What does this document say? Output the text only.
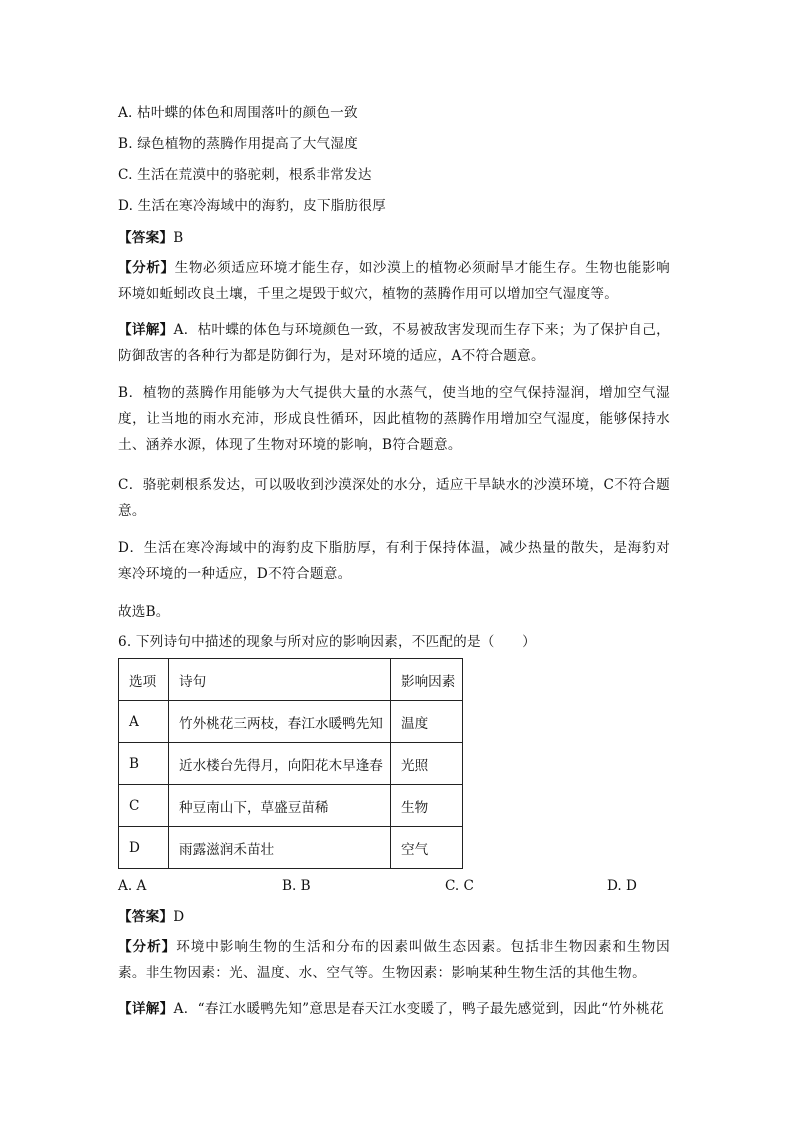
A. 枯叶蝶的体色和周围落叶的颜色一致
B. 绿色植物的蒸腾作用提高了大气湿度
C. 生活在荒漠中的骆驼刺，根系非常发达
D. 生活在寒冷海域中的海豹，皮下脂肪很厚
【答案】B
【分析】生物必须适应环境才能生存，如沙漠上的植物必须耐旱才能生存。生物也能影响环境如蚯蚓改良土壤，千里之堤毁于蚁穴，植物的蒸腾作用可以增加空气湿度等。
【详解】A．枯叶蝶的体色与环境颜色一致，不易被敌害发现而生存下来；为了保护自己，防御敌害的各种行为都是防御行为，是对环境的适应，A不符合题意。
B．植物的蒸腾作用能够为大气提供大量的水蒸气，使当地的空气保持湿润，增加空气湿度，让当地的雨水充沛，形成良性循环，因此植物的蒸腾作用增加空气湿度，能够保持水土、涵养水源，体现了生物对环境的影响，B符合题意。
C．骆驼刺根系发达，可以吸收到沙漠深处的水分，适应干旱缺水的沙漠环境，C不符合题意。
D．生活在寒冷海域中的海豹皮下脂肪厚，有利于保持体温，减少热量的散失，是海豹对寒冷环境的一种适应，D不符合题意。
故选B。
6. 下列诗句中描述的现象与所对应的影响因素，不匹配的是（　　）
选项	诗句	影响因素
A	竹外桃花三两枝，春江水暖鸭先知	温度
B	近水楼台先得月，向阳花木早逢春	光照
C	种豆南山下，草盛豆苗稀	生物
D	雨露滋润禾苗壮	空气
A. A	B. B	C. C	D. D
【答案】D
【分析】环境中影响生物的生活和分布的因素叫做生态因素。包括非生物因素和生物因素。非生物因素：光、温度、水、空气等。生物因素：影响某种生物生活的其他生物。
【详解】A．“春江水暖鸭先知”意思是春天江水变暖了，鸭子最先感觉到，因此“竹外桃花
